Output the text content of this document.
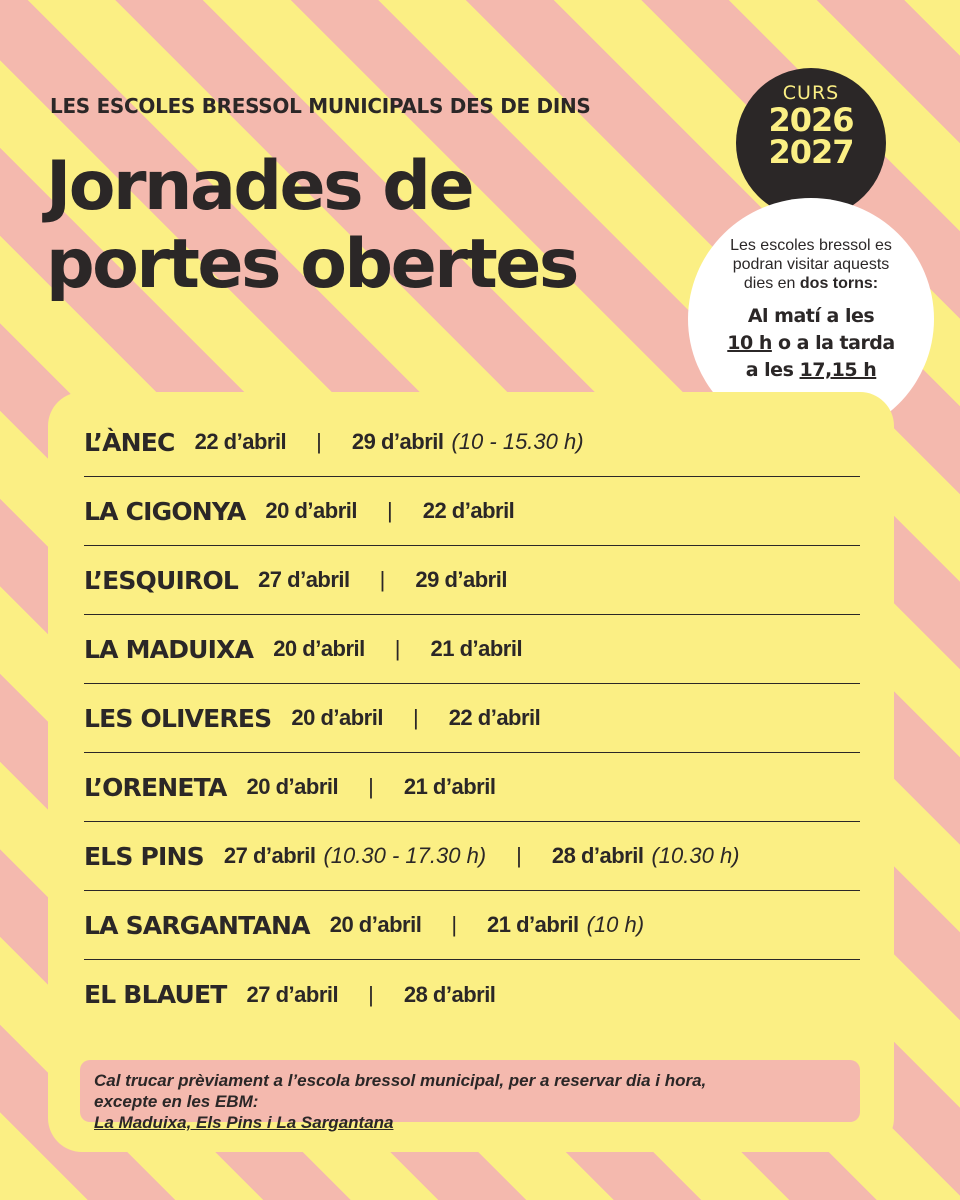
LES ESCOLES BRESSOL MUNICIPALS DES DE DINS

Jornades de
portes obertes
CURS
2026
2027

Les escoles bressol es podran visitar aquests dies en dos torns:

Al matí a les
10 h o a la tarda
a les 17,15 h

L’ÀNEC 22 d’abril | 29 d’abril (10 - 15.30 h)
LA CIGONYA 20 d’abril | 22 d’abril
L’ESQUIROL 27 d’abril | 29 d’abril
LA MADUIXA 20 d’abril | 21 d’abril
LES OLIVERES 20 d’abril | 22 d’abril
L’ORENETA 20 d’abril | 21 d’abril
ELS PINS 27 d’abril (10.30 - 17.30 h) | 28 d’abril (10.30 h)
LA SARGANTANA 20 d’abril | 21 d’abril (10 h)
EL BLAUET 27 d’abril | 28 d’abril
Cal trucar prèviament a l’escola bressol municipal, per a reservar dia i hora,
excepte en les EBM:
La Maduixa, Els Pins i La Sargantana
